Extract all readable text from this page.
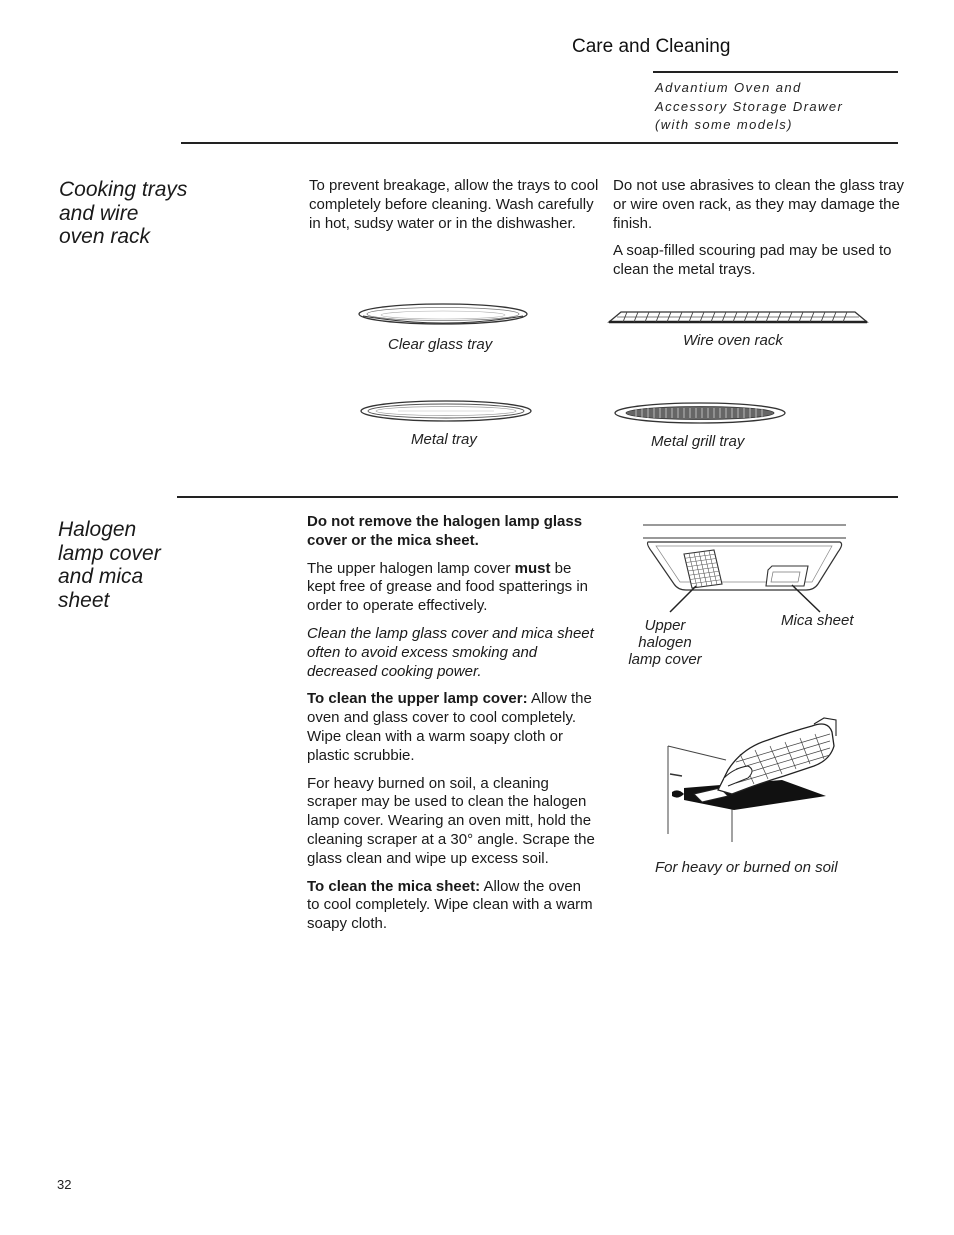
Care and Cleaning
Advantium Oven and
Accessory Storage Drawer
(with some models)
Cooking trays
and wire
oven rack
To prevent breakage, allow the trays to cool completely before cleaning. Wash carefully in hot, sudsy water or in the dishwasher.

Do not use abrasives to clean the glass tray or wire oven rack, as they may damage the finish.

A soap-filled scouring pad may be used to clean the metal trays.

Clear glass tray	Wire oven rack
Metal tray	Metal grill tray
Halogen
lamp cover
and mica
sheet

Do not remove the halogen lamp glass cover or the mica sheet.

The upper halogen lamp cover must be kept free of grease and food spatterings in order to operate effectively.

Clean the lamp glass cover and mica sheet often to avoid excess smoking and decreased cooking power.

To clean the upper lamp cover: Allow the oven and glass cover to cool completely. Wipe clean with a warm soapy cloth or plastic scrubbie.

For heavy burned on soil, a cleaning scraper may be used to clean the halogen lamp cover. Wearing an oven mitt, hold the cleaning scraper at a 30° angle. Scrape the glass clean and wipe up excess soil.

To clean the mica sheet: Allow the oven to cool completely. Wipe clean with a warm soapy cloth.

Upper
halogen
lamp cover
Mica sheet
For heavy or burned on soil
32
